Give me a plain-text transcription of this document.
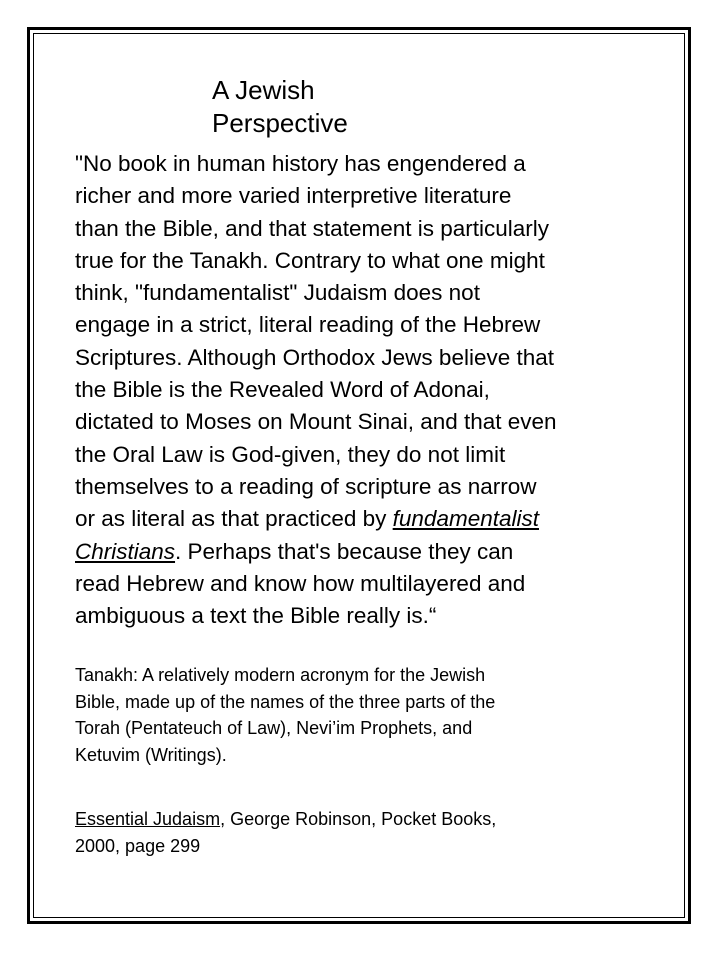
A Jewish
Perspective

"No book in human history has engendered a
richer and more varied interpretive literature
than the Bible, and that statement is particularly
true for the Tanakh. Contrary to what one might
think, "fundamentalist" Judaism does not
engage in a strict, literal reading of the Hebrew
Scriptures. Although Orthodox Jews believe that
the Bible is the Revealed Word of Adonai,
dictated to Moses on Mount Sinai, and that even
the Oral Law is God-given, they do not limit
themselves to a reading of scripture as narrow
or as literal as that practiced by fundamentalist
Christians. Perhaps that's because they can
read Hebrew and know how multilayered and
ambiguous a text the Bible really is.“

Tanakh: A relatively modern acronym for the Jewish
Bible, made up of the names of the three parts of the
Torah (Pentateuch of Law), Nevi’im Prophets, and
Ketuvim (Writings).

Essential Judaism, George Robinson, Pocket Books,
2000, page 299
